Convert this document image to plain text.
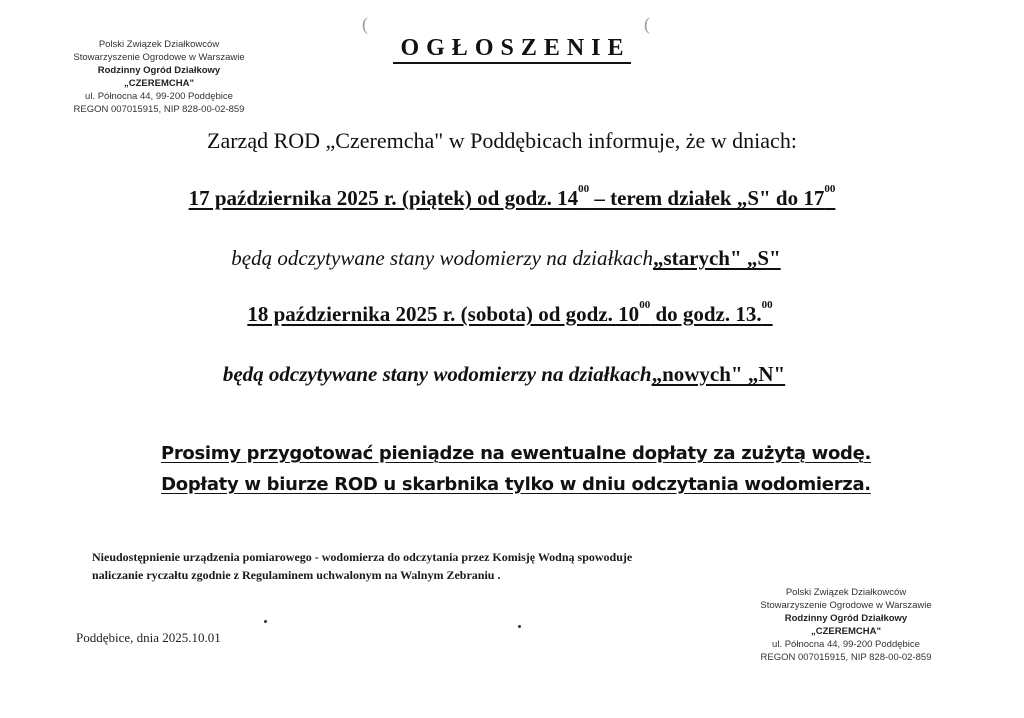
Polski Związek Działkowców
Stowarzyszenie Ogrodowe w Warszawie
Rodzinny Ogród Działkowy
„CZEREMCHA"
ul. Północna 44, 99-200 Poddębice
REGON 007015915, NIP 828-00-02-859
(	(
OGŁOSZENIE
Zarząd ROD „Czeremcha" w Poddębicach informuje, że w dniach:
17 października 2025 r. (piątek) od godz. $14^{00}$ – terem działek „S" do $17^{00}$
będą odczytywane stany wodomierzy na działkach„starych" „S"
18 października 2025 r. (sobota) od godz. $10^{00}$ do godz. 13.00
będą odczytywane stany wodomierzy na działkach„nowych" „N"
Prosimy przygotować pieniądze na ewentualne dopłaty za zużytą wodę.
Dopłaty w biurze ROD u skarbnika tylko w dniu odczytania wodomierza.
Nieudostępnienie urządzenia pomiarowego - wodomierza do odczytania przez Komisję Wodną spowoduje
naliczanie ryczałtu zgodnie z Regulaminem uchwalonym na Walnym Zebraniu .
Poddębice, dnia 2025.10.01
Polski Związek Działkowców
Stowarzyszenie Ogrodowe w Warszawie
Rodzinny Ogród Działkowy
„CZEREMCHA"
ul. Północna 44, 99-200 Poddębice
REGON 007015915, NIP 828-00-02-859
